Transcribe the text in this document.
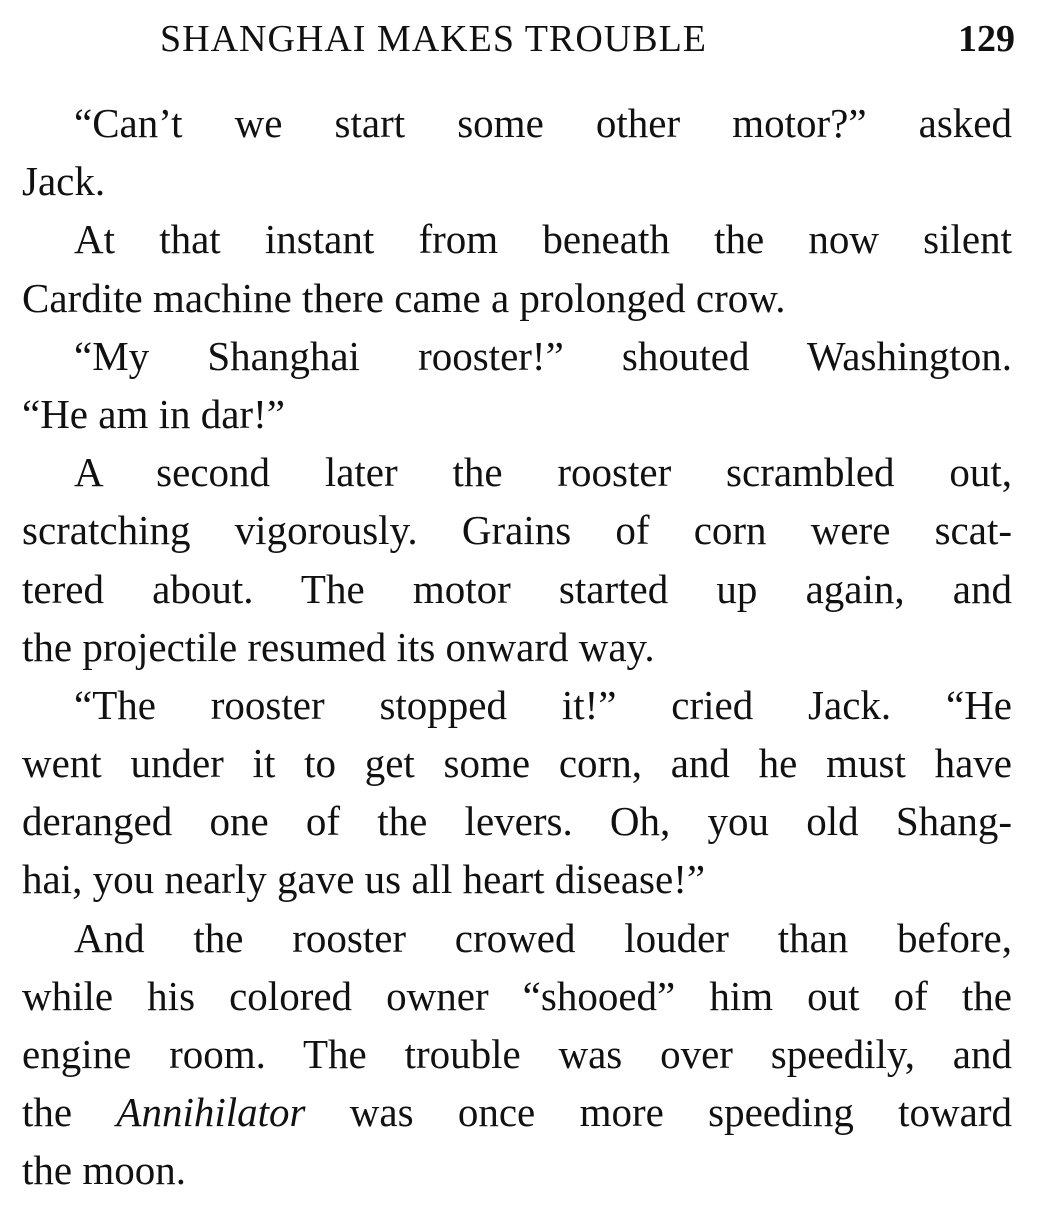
SHANGHAI MAKES TROUBLE	129
“Can’t we start some other motor?” asked
Jack.
At that instant from beneath the now silent
Cardite machine there came a prolonged crow.
“My Shanghai rooster!” shouted Washington.
“He am in dar!”
A second later the rooster scrambled out,
scratching vigorously. Grains of corn were scat-
tered about. The motor started up again, and
the projectile resumed its onward way.
“The rooster stopped it!” cried Jack. “He
went under it to get some corn, and he must have
deranged one of the levers. Oh, you old Shang-
hai, you nearly gave us all heart disease!”
And the rooster crowed louder than before,
while his colored owner “shooed” him out of the
engine room. The trouble was over speedily, and
the Annihilator was once more speeding toward
the moon.
